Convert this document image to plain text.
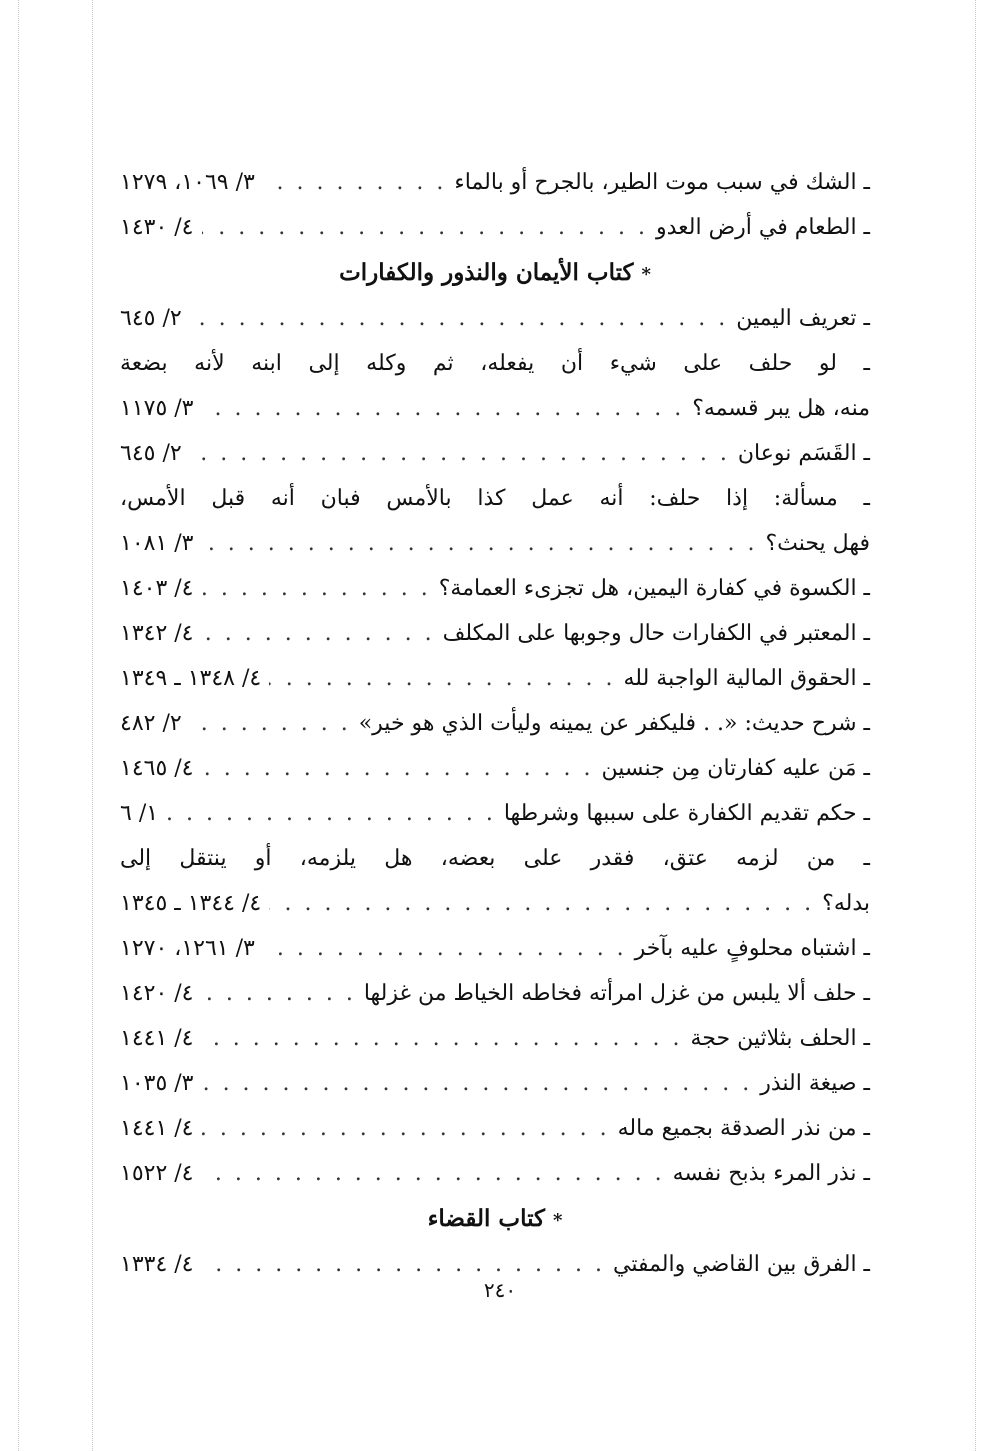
ـ الشك في سبب موت الطير، بالجرح أو بالماء
. . .
٣/ ١٠٦٩، ١٢٧٩
ـ الطعام في أرض العدو
. . .
٤/ ١٤٣٠
*كتاب الأيمان والنذور والكفارات
ـ تعريف اليمين
. . .
٢/ ٦٤٥
ـ لو حلف على شيء أن يفعله، ثم وكله إلى ابنه لأنه بضعة
منه، هل يبر قسمه؟
. . .
٣/ ١١٧٥
ـ القَسَم نوعان
. . .
٢/ ٦٤٥
ـ مسألة: إذا حلف: أنه عمل كذا بالأمس فبان أنه قبل الأمس،
فهل يحنث؟
. . .
٣/ ١٠٨١
ـ الكسوة في كفارة اليمين، هل تجزىء العمامة؟
. . .
٤/ ١٤٠٣
ـ المعتبر في الكفارات حال وجوبها على المكلف
. . .
٤/ ١٣٤٢
ـ الحقوق المالية الواجبة لله
. . .
٤/ ١٣٤٨ ـ ١٣٤٩
ـ شرح حديث: «. . فليكفر عن يمينه وليأت الذي هو خير»
. . .
٢/ ٤٨٢
ـ مَن عليه كفارتان مِن جنسين
. . .
٤/ ١٤٦٥
ـ حكم تقديم الكفارة على سببها وشرطها
. . .
١/ ٦
ـ من لزمه عتق، فقدر على بعضه، هل يلزمه، أو ينتقل إلى
بدله؟
. . .
٤/ ١٣٤٤ ـ ١٣٤٥
ـ اشتباه محلوفٍ عليه بآخر
. . .
٣/ ١٢٦١، ١٢٧٠
ـ حلف ألا يلبس من غزل امرأته فخاطه الخياط من غزلها
. . .
٤/ ١٤٢٠
ـ الحلف بثلاثين حجة
. . .
٤/ ١٤٤١
ـ صيغة النذر
. . .
٣/ ١٠٣٥
ـ من نذر الصدقة بجميع ماله
. . .
٤/ ١٤٤١
ـ نذر المرء بذبح نفسه
. . .
٤/ ١٥٢٢
*كتاب القضاء
ـ الفرق بين القاضي والمفتي
. . .
٤/ ١٣٣٤
٢٤٠
